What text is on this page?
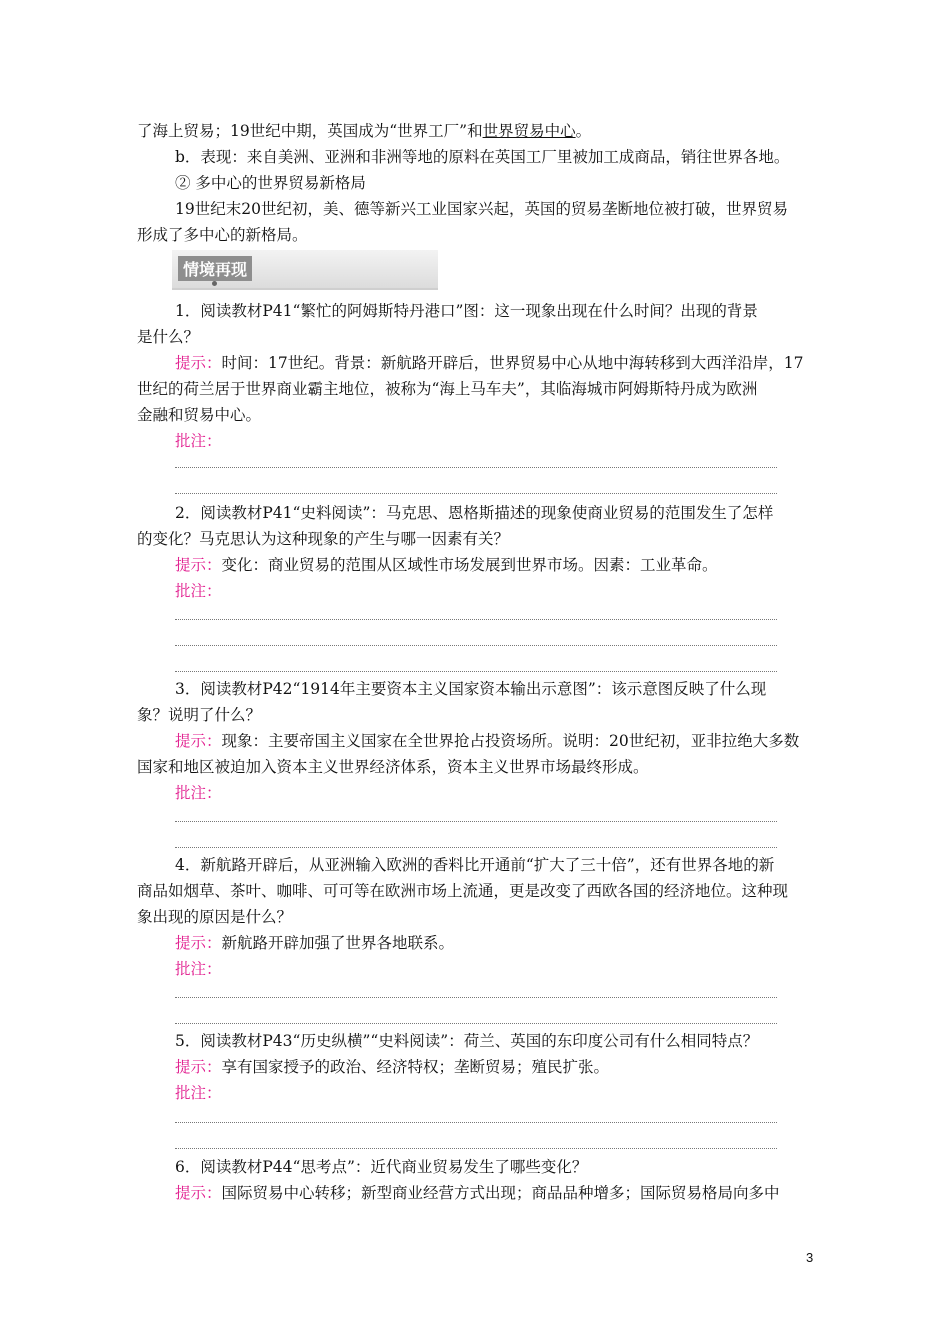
了海上贸易；19世纪中期，英国成为“世界工厂”和世界贸易中心。
b．表现：来自美洲、亚洲和非洲等地的原料在英国工厂里被加工成商品，销往世界各地。
② 多中心的世界贸易新格局
19世纪末20世纪初，美、德等新兴工业国家兴起，英国的贸易垄断地位被打破，世界贸易
形成了多中心的新格局。
情境再现
1．阅读教材P41“繁忙的阿姆斯特丹港口”图：这一现象出现在什么时间？出现的背景
是什么？
提示：时间：17世纪。背景：新航路开辟后，世界贸易中心从地中海转移到大西洋沿岸，17
世纪的荷兰居于世界商业霸主地位，被称为“海上马车夫”，其临海城市阿姆斯特丹成为欧洲
金融和贸易中心。
批注：
2．阅读教材P41“史料阅读”：马克思、恩格斯描述的现象使商业贸易的范围发生了怎样
的变化？马克思认为这种现象的产生与哪一因素有关？
提示：变化：商业贸易的范围从区域性市场发展到世界市场。因素：工业革命。
批注：
3．阅读教材P42“1914年主要资本主义国家资本输出示意图”：该示意图反映了什么现
象？说明了什么？
提示：现象：主要帝国主义国家在全世界抢占投资场所。说明：20世纪初，亚非拉绝大多数
国家和地区被迫加入资本主义世界经济体系，资本主义世界市场最终形成。
批注：
4．新航路开辟后，从亚洲输入欧洲的香料比开通前“扩大了三十倍”，还有世界各地的新
商品如烟草、茶叶、咖啡、可可等在欧洲市场上流通，更是改变了西欧各国的经济地位。这种现
象出现的原因是什么？
提示：新航路开辟加强了世界各地联系。
批注：
5．阅读教材P43“历史纵横”“史料阅读”：荷兰、英国的东印度公司有什么相同特点？
提示：享有国家授予的政治、经济特权；垄断贸易；殖民扩张。
批注：
6．阅读教材P44“思考点”：近代商业贸易发生了哪些变化？
提示：国际贸易中心转移；新型商业经营方式出现；商品品种增多；国际贸易格局向多中
3
